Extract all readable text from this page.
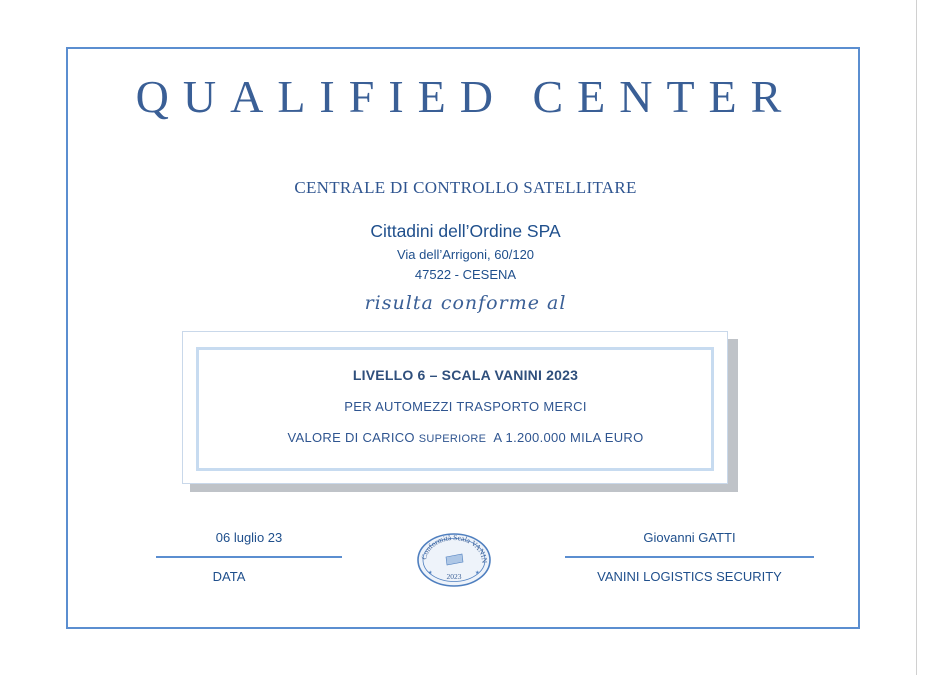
QUALIFIED CENTER
CENTRALE DI CONTROLLO SATELLITARE
Cittadini dell’Ordine SPA
Via dell’Arrigoni, 60/120
47522 - CESENA
risulta conforme al
LIVELLO 6 – SCALA VANINI 2023
PER AUTOMEZZI TRASPORTO MERCI
VALORE DI CARICO SUPERIORE A 1.200.000 MILA EURO
06 luglio 23
DATA
Giovanni GATTI
VANINI LOGISTICS SECURITY
Conformità Scala VANIN
2023
★	★
